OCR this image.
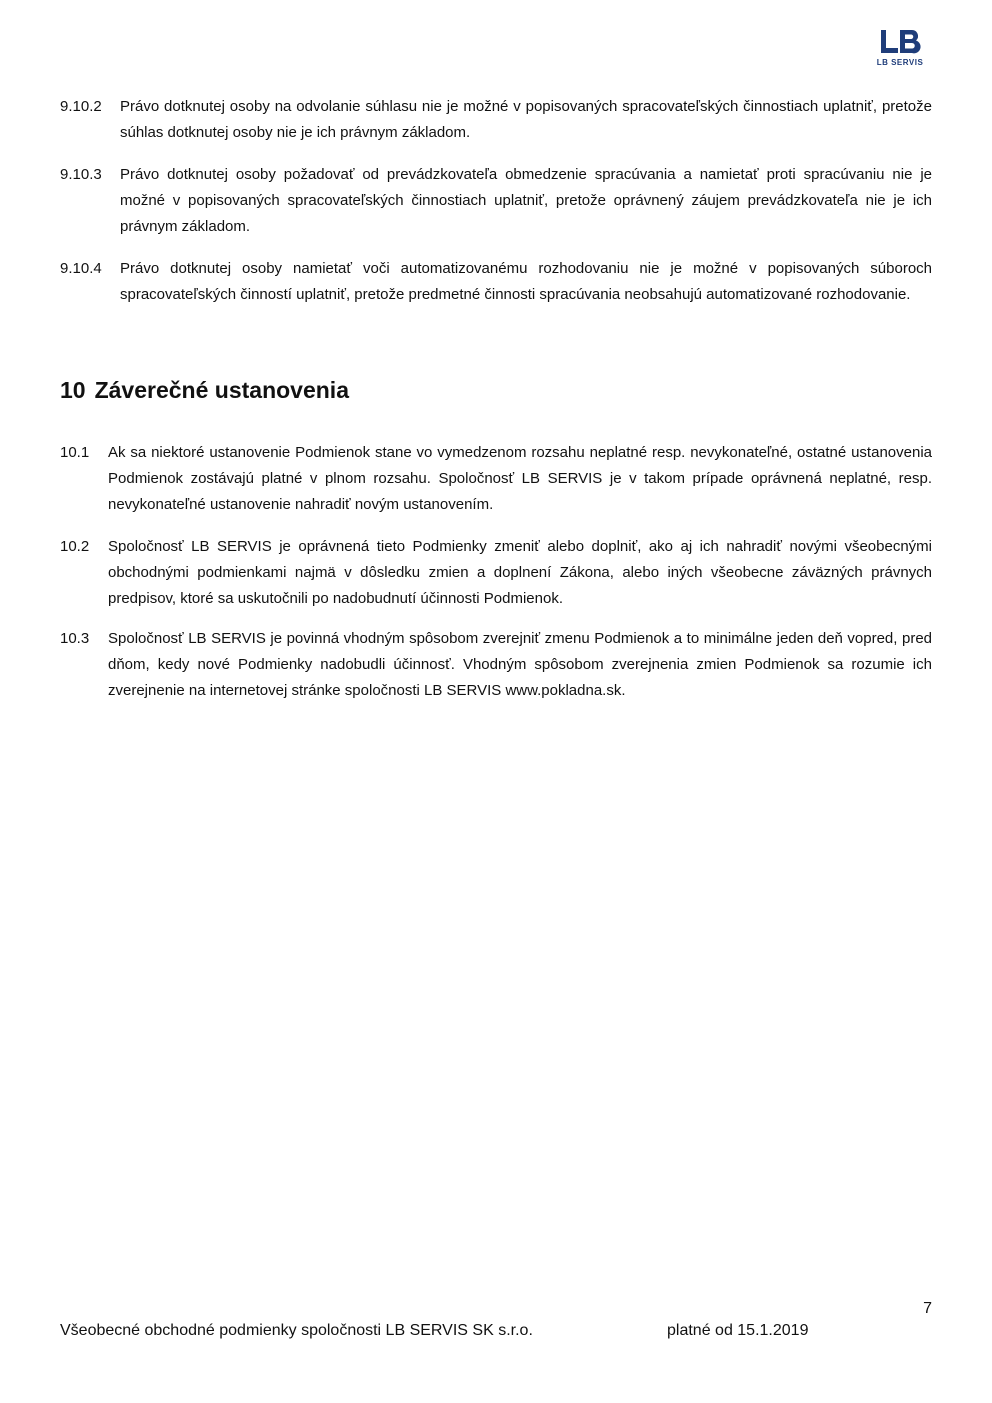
LB SERVIS
9.10.2 Právo dotknutej osoby na odvolanie súhlasu nie je možné v popisovaných spracovateľských činnostiach uplatniť, pretože súhlas dotknutej osoby nie je ich právnym základom.
9.10.3 Právo dotknutej osoby požadovať od prevádzkovateľa obmedzenie spracúvania a namietať proti spracúvaniu nie je možné v popisovaných spracovateľských činnostiach uplatniť, pretože oprávnený záujem prevádzkovateľa nie je ich právnym základom.
9.10.4 Právo dotknutej osoby namietať voči automatizovanému rozhodovaniu nie je možné v popisovaných súboroch spracovateľských činností uplatniť, pretože predmetné činnosti spracúvania neobsahujú automatizované rozhodovanie.
10 Záverečné ustanovenia
10.1 Ak sa niektoré ustanovenie Podmienok stane vo vymedzenom rozsahu neplatné resp. nevykonateľné, ostatné ustanovenia Podmienok zostávajú platné v plnom rozsahu. Spoločnosť LB SERVIS je v takom prípade oprávnená neplatné, resp. nevykonateľné ustanovenie nahradiť novým ustanovením.
10.2 Spoločnosť LB SERVIS je oprávnená tieto Podmienky zmeniť alebo doplniť, ako aj ich nahradiť novými všeobecnými obchodnými podmienkami najmä v dôsledku zmien a doplnení Zákona, alebo iných všeobecne záväzných právnych predpisov, ktoré sa uskutočnili po nadobudnutí účinnosti Podmienok.
10.3 Spoločnosť LB SERVIS je povinná vhodným spôsobom zverejniť zmenu Podmienok a to minimálne jeden deň vopred, pred dňom, kedy nové Podmienky nadobudli účinnosť. Vhodným spôsobom zverejnenia zmien Podmienok sa rozumie ich zverejnenie na internetovej stránke spoločnosti LB SERVIS www.pokladna.sk.
7
Všeobecné obchodné podmienky spoločnosti LB SERVIS SK s.r.o.	platné od 15.1.2019
